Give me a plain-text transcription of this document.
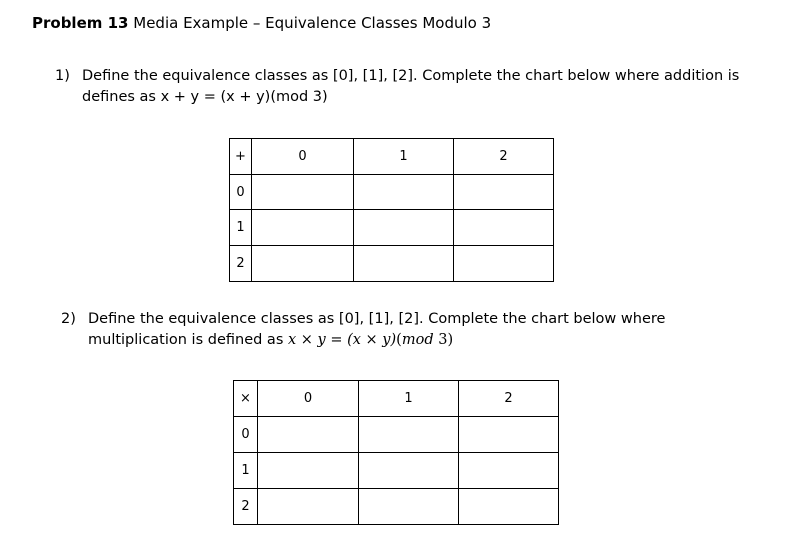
Problem 13 Media Example – Equivalence Classes Modulo 3
1) Define the equivalence classes as [0], [1], [2]. Complete the chart below where addition is
defines as x + y = (x + y)(mod 3)
+	0	1	2
0			
1			
2			
2) Define the equivalence classes as [0], [1], [2]. Complete the chart below where
multiplication is defined as x × y = (x × y)(mod 3)
×	0	1	2
0			
1			
2			
